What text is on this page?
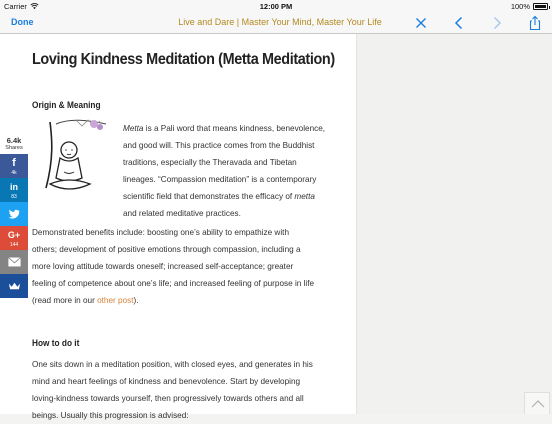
Carrier	12:00 PM	100%
Done	Live and Dare | Master Your Mind, Master Your Life
Loving Kindness Meditation (Metta Meditation)
Origin & Meaning
Metta is a Pali word that means kindness, benevolence,
and good will. This practice comes from the Buddhist
traditions, especially the Theravada and Tibetan
lineages. “Compassion meditation” is a contemporary
scientific field that demonstrates the efficacy of metta
and related meditative practices.
Demonstrated benefits include: boosting one’s ability to empathize with
others; development of positive emotions through compassion, including a
more loving attitude towards oneself; increased self-acceptance; greater
feeling of competence about one’s life; and increased feeling of purpose in life
(read more in our other post).
How to do it
One sits down in a meditation position, with closed eyes, and generates in his
mind and heart feelings of kindness and benevolence. Start by developing
loving-kindness towards yourself, then progressively towards others and all
beings. Usually this progression is advised:
6.4k
Shares
f
4k
in
83
G+
144
